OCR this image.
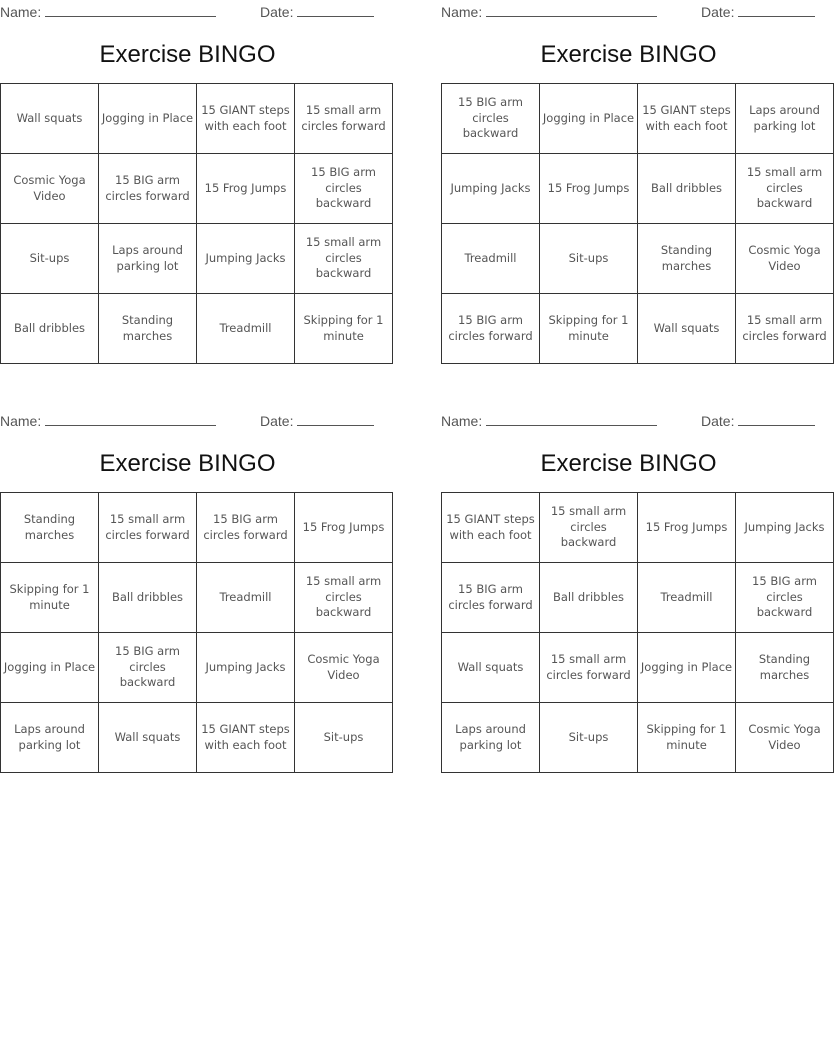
Name:	Date:
Exercise BINGO
Wall squats	Jogging in Place	15 GIANT steps with each foot	15 small arm circles forward
Cosmic Yoga Video	15 BIG arm circles forward	15 Frog Jumps	15 BIG arm circles backward
Sit-ups	Laps around parking lot	Jumping Jacks	15 small arm circles backward
Ball dribbles	Standing marches	Treadmill	Skipping for 1 minute
Name:	Date:
Exercise BINGO
15 BIG arm circles backward	Jogging in Place	15 GIANT steps with each foot	Laps around parking lot
Jumping Jacks	15 Frog Jumps	Ball dribbles	15 small arm circles backward
Treadmill	Sit-ups	Standing marches	Cosmic Yoga Video
15 BIG arm circles forward	Skipping for 1 minute	Wall squats	15 small arm circles forward
Name:	Date:
Exercise BINGO
Standing marches	15 small arm circles forward	15 BIG arm circles forward	15 Frog Jumps
Skipping for 1 minute	Ball dribbles	Treadmill	15 small arm circles backward
Jogging in Place	15 BIG arm circles backward	Jumping Jacks	Cosmic Yoga Video
Laps around parking lot	Wall squats	15 GIANT steps with each foot	Sit-ups
Name:	Date:
Exercise BINGO
15 GIANT steps with each foot	15 small arm circles backward	15 Frog Jumps	Jumping Jacks
15 BIG arm circles forward	Ball dribbles	Treadmill	15 BIG arm circles backward
Wall squats	15 small arm circles forward	Jogging in Place	Standing marches
Laps around parking lot	Sit-ups	Skipping for 1 minute	Cosmic Yoga Video
